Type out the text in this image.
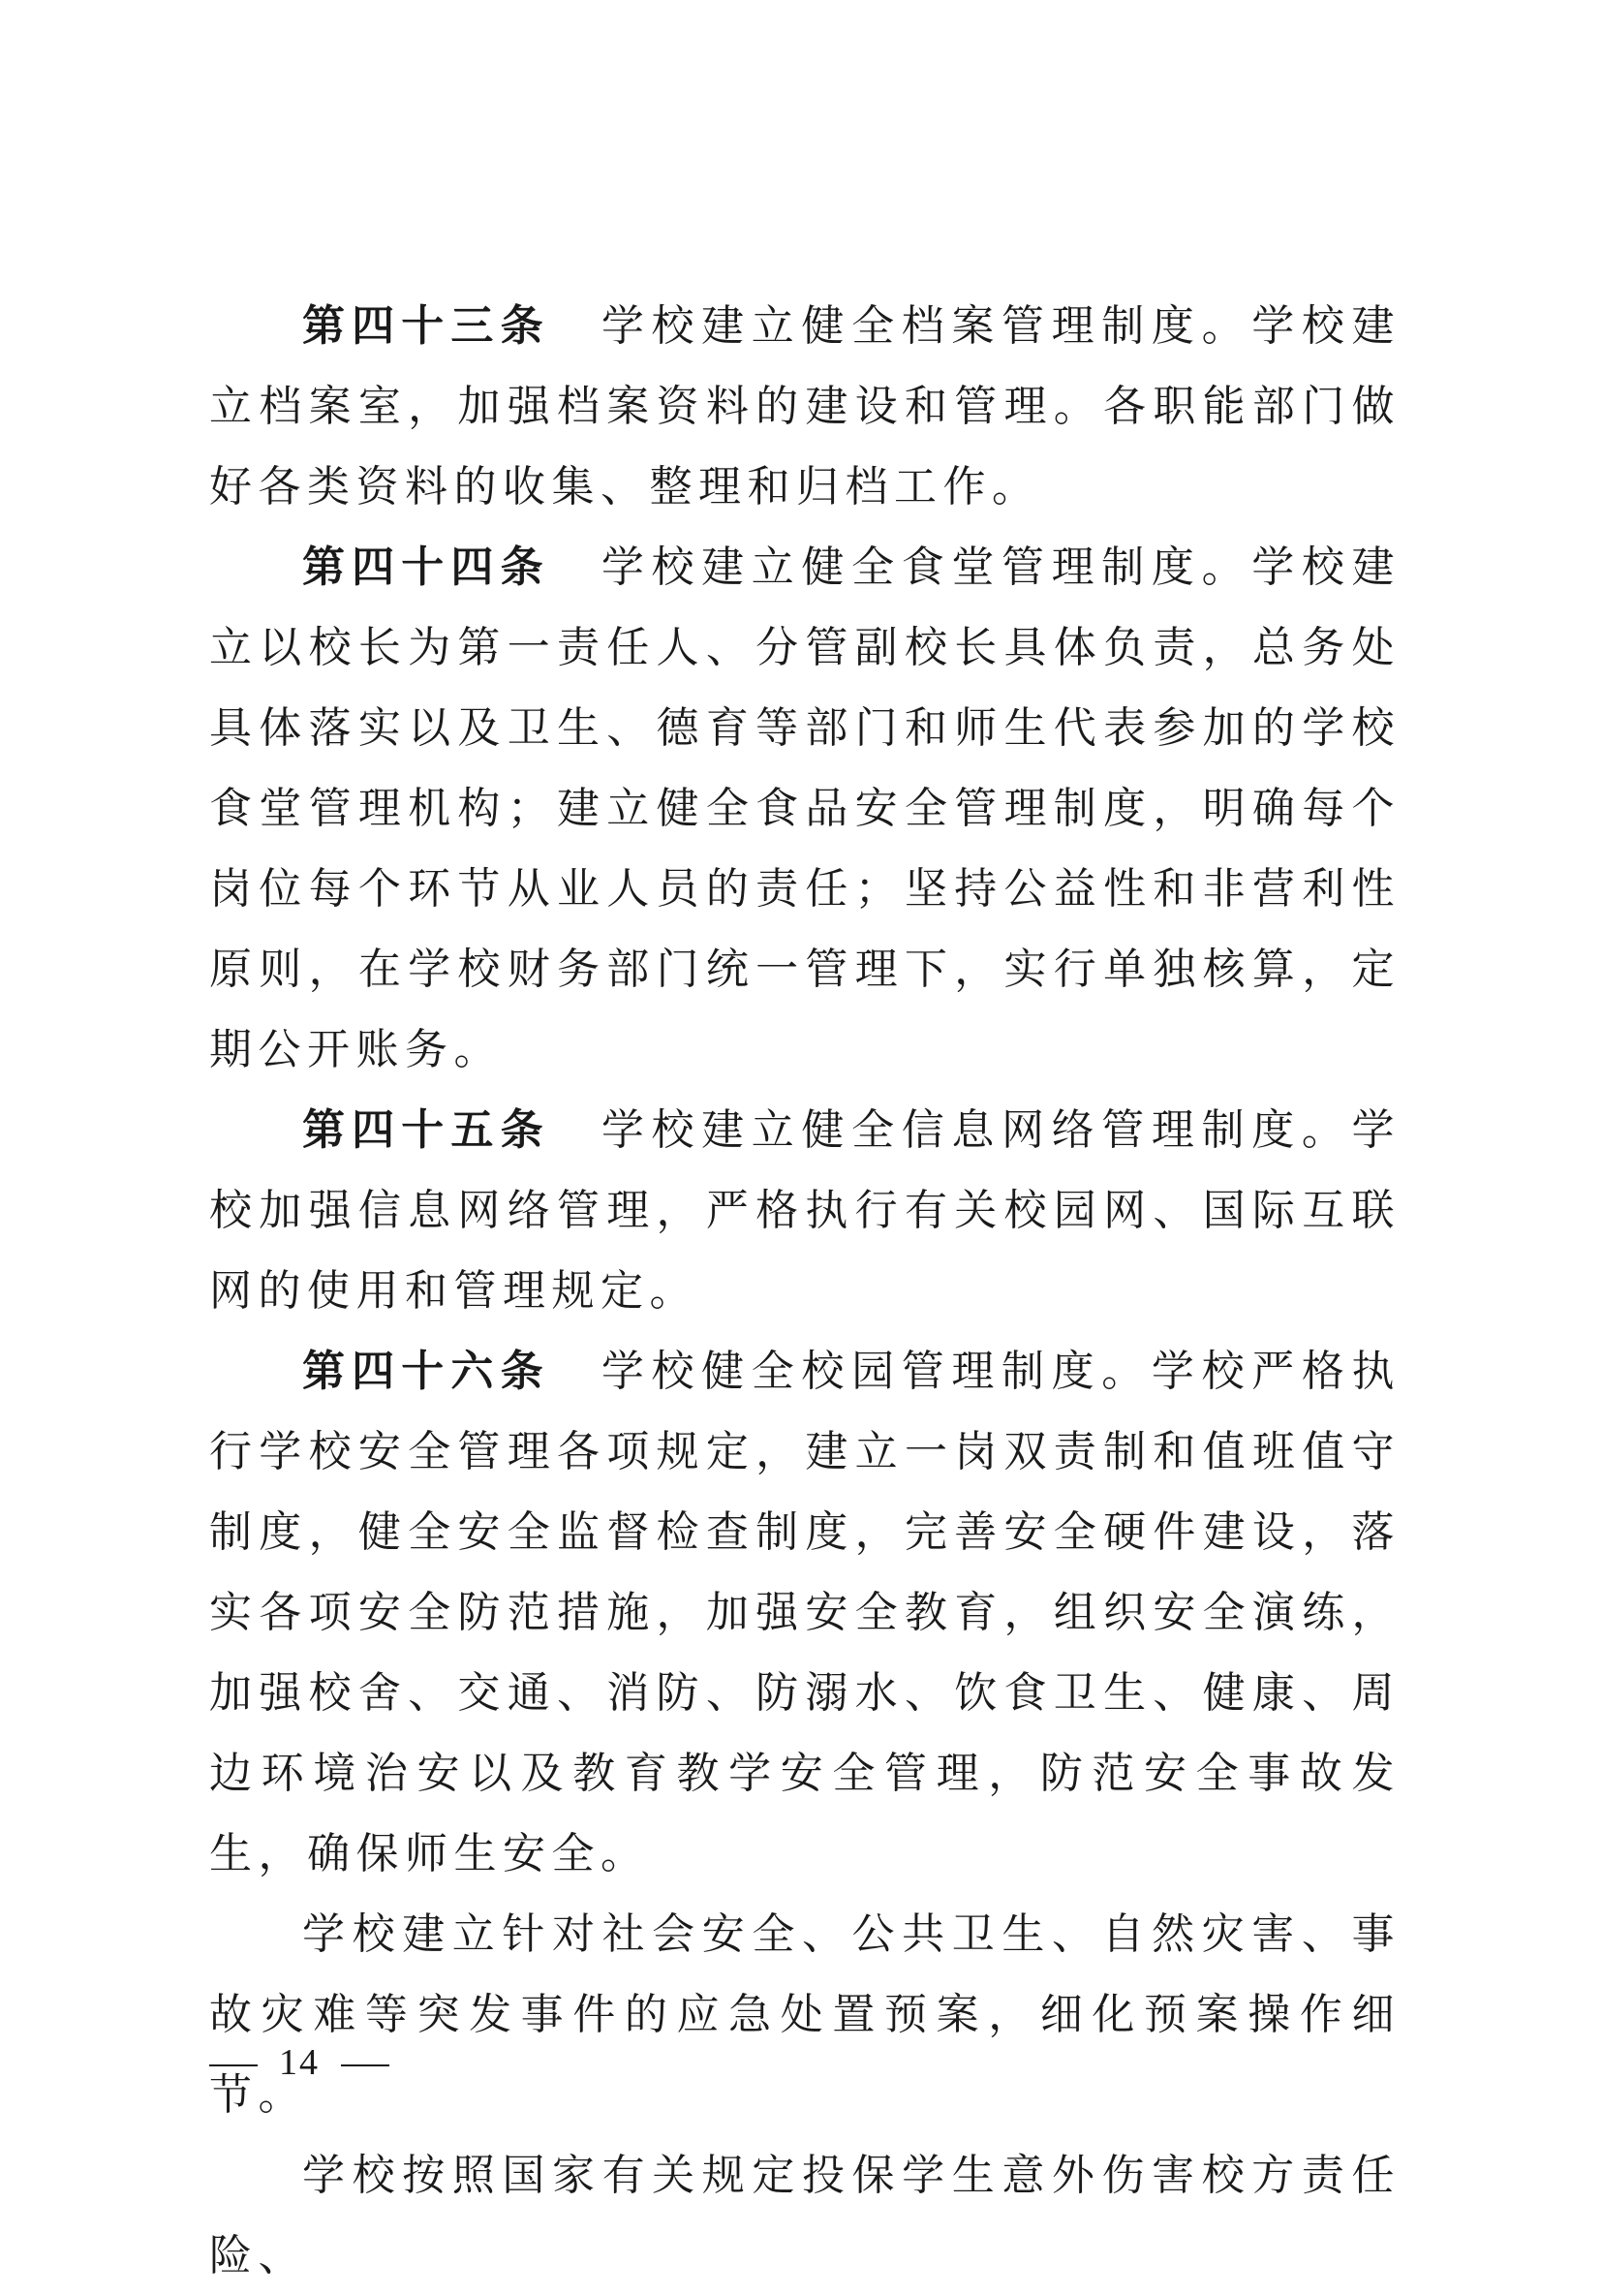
第四十三条 学校建立健全档案管理制度。学校建立档案室，加强档案资料的建设和管理。各职能部门做好各类资料的收集、整理和归档工作。

第四十四条 学校建立健全食堂管理制度。学校建立以校长为第一责任人、分管副校长具体负责，总务处具体落实以及卫生、德育等部门和师生代表参加的学校食堂管理机构；建立健全食品安全管理制度，明确每个岗位每个环节从业人员的责任；坚持公益性和非营利性原则，在学校财务部门统一管理下，实行单独核算，定期公开账务。

第四十五条 学校建立健全信息网络管理制度。学校加强信息网络管理，严格执行有关校园网、国际互联网的使用和管理规定。

第四十六条 学校健全校园管理制度。学校严格执行学校安全管理各项规定，建立一岗双责制和值班值守制度，健全安全监督检查制度，完善安全硬件建设，落实各项安全防范措施，加强安全教育，组织安全演练，加强校舍、交通、消防、防溺水、饮食卫生、健康、周边环境治安以及教育教学安全管理，防范安全事故发生，确保师生安全。

学校建立针对社会安全、公共卫生、自然灾害、事故灾难等突发事件的应急处置预案，细化预案操作细节。

学校按照国家有关规定投保学生意外伤害校方责任险、

14
